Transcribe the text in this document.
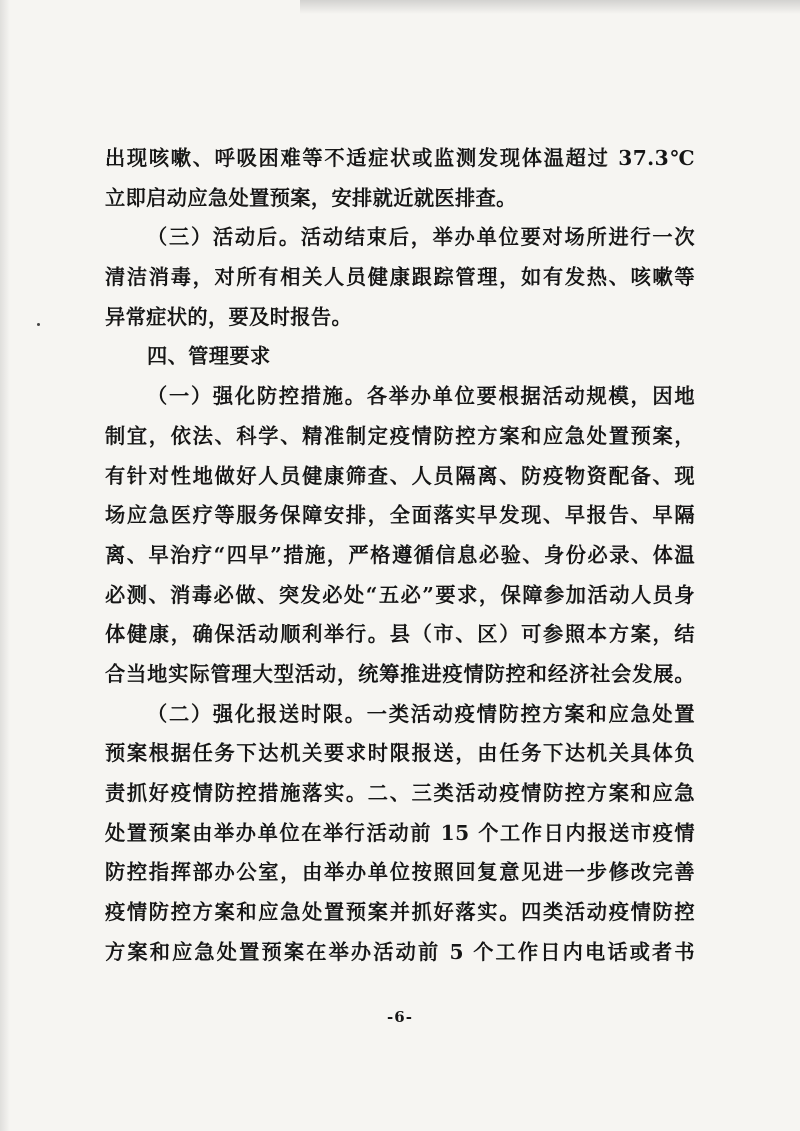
出现咳嗽、呼吸困难等不适症状或监测发现体温超过 37.3℃
立即启动应急处置预案，安排就近就医排查。
（三）活动后。活动结束后，举办单位要对场所进行一次
清洁消毒，对所有相关人员健康跟踪管理，如有发热、咳嗽等
异常症状的，要及时报告。
四、管理要求
（一）强化防控措施。各举办单位要根据活动规模，因地
制宜，依法、科学、精准制定疫情防控方案和应急处置预案，
有针对性地做好人员健康筛查、人员隔离、防疫物资配备、现
场应急医疗等服务保障安排，全面落实早发现、早报告、早隔
离、早治疗“四早”措施，严格遵循信息必验、身份必录、体温
必测、消毒必做、突发必处“五必”要求，保障参加活动人员身
体健康，确保活动顺利举行。县（市、区）可参照本方案，结
合当地实际管理大型活动，统筹推进疫情防控和经济社会发展。
（二）强化报送时限。一类活动疫情防控方案和应急处置
预案根据任务下达机关要求时限报送，由任务下达机关具体负
责抓好疫情防控措施落实。二、三类活动疫情防控方案和应急
处置预案由举办单位在举行活动前 15 个工作日内报送市疫情
防控指挥部办公室，由举办单位按照回复意见进一步修改完善
疫情防控方案和应急处置预案并抓好落实。四类活动疫情防控
方案和应急处置预案在举办活动前 5 个工作日内电话或者书
-6-
